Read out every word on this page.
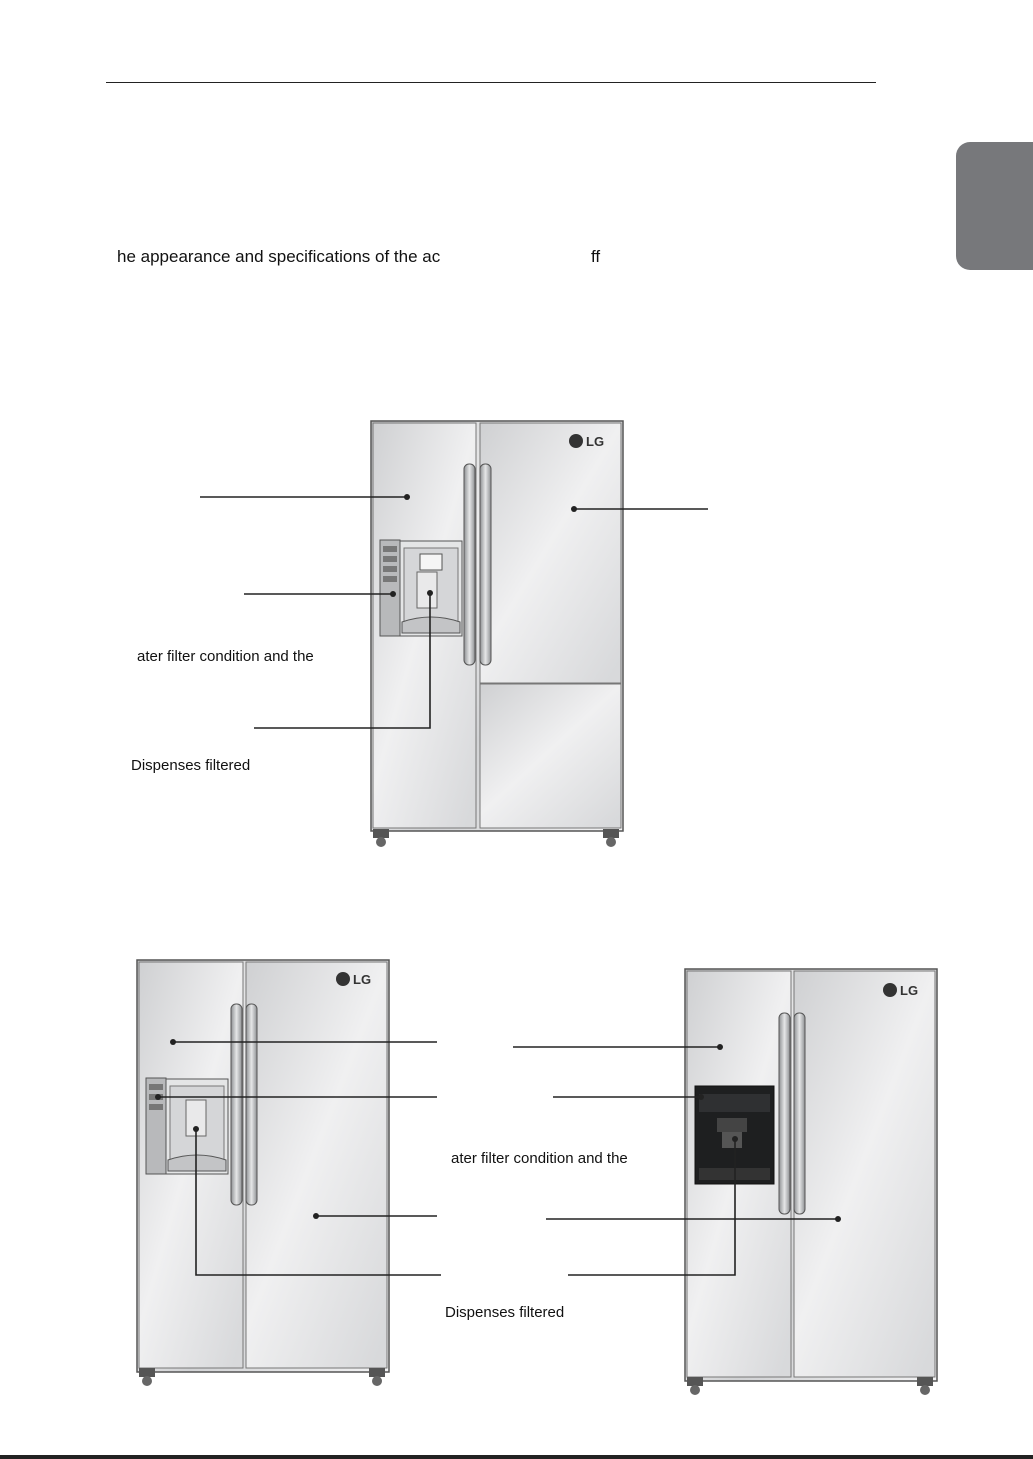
he appearance and specifications of the ac	ff
ater filter condition and the
Dispenses filtered
ater filter condition and the
Dispenses filtered
LG
LG
LG
